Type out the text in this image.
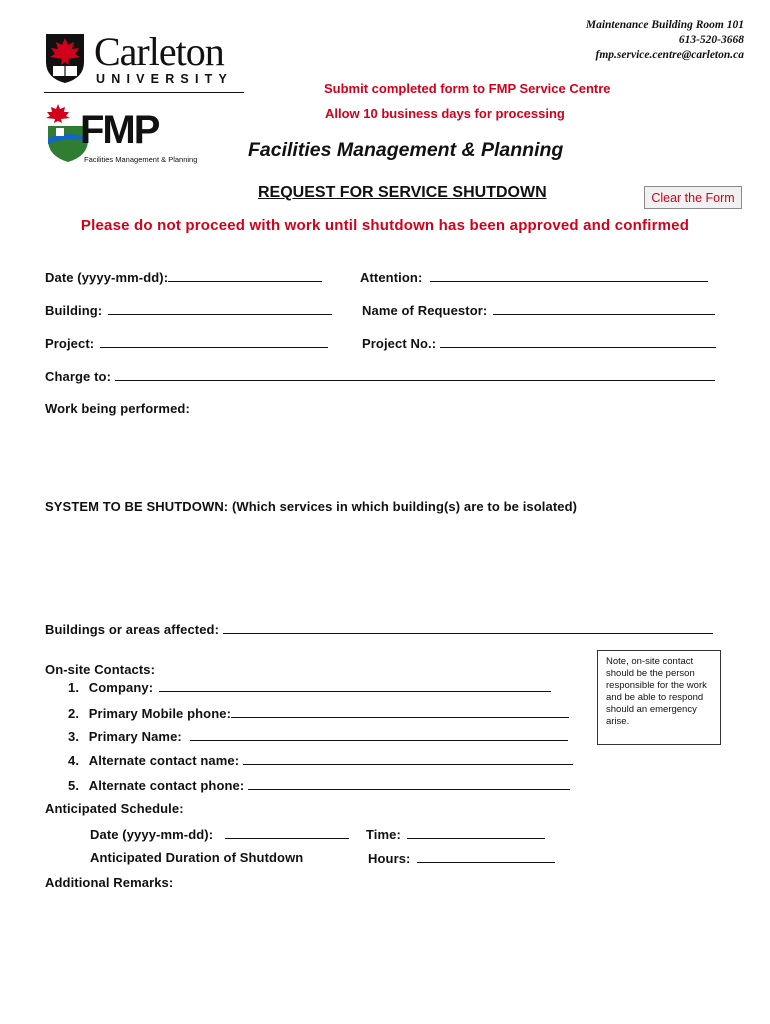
Maintenance Building Room 101
613-520-3668
fmp.service.centre@carleton.ca
Carleton
UNIVERSITY
FMP
Facilities Management & Planning
Submit completed form to FMP Service Centre
Allow 10 business days for processing
Facilities Management & Planning
REQUEST FOR SERVICE SHUTDOWN	Clear the Form
Please do not proceed with work until shutdown has been approved and confirmed
Date (yyyy-mm-dd):	Attention:
Building:	Name of Requestor:
Project:	Project No.:
Charge to:
Work being performed:
SYSTEM TO BE SHUTDOWN: (Which services in which building(s) are to be isolated)
Buildings or areas affected:
On-site Contacts:
1. Company:
2. Primary Mobile phone:
3. Primary Name:
4. Alternate contact name:
5. Alternate contact phone:
Note, on-site contact should be the person responsible for the work and be able to respond should an emergency arise.
Anticipated Schedule:
Date (yyyy-mm-dd):	Time:
Anticipated Duration of Shutdown	Hours:
Additional Remarks:
